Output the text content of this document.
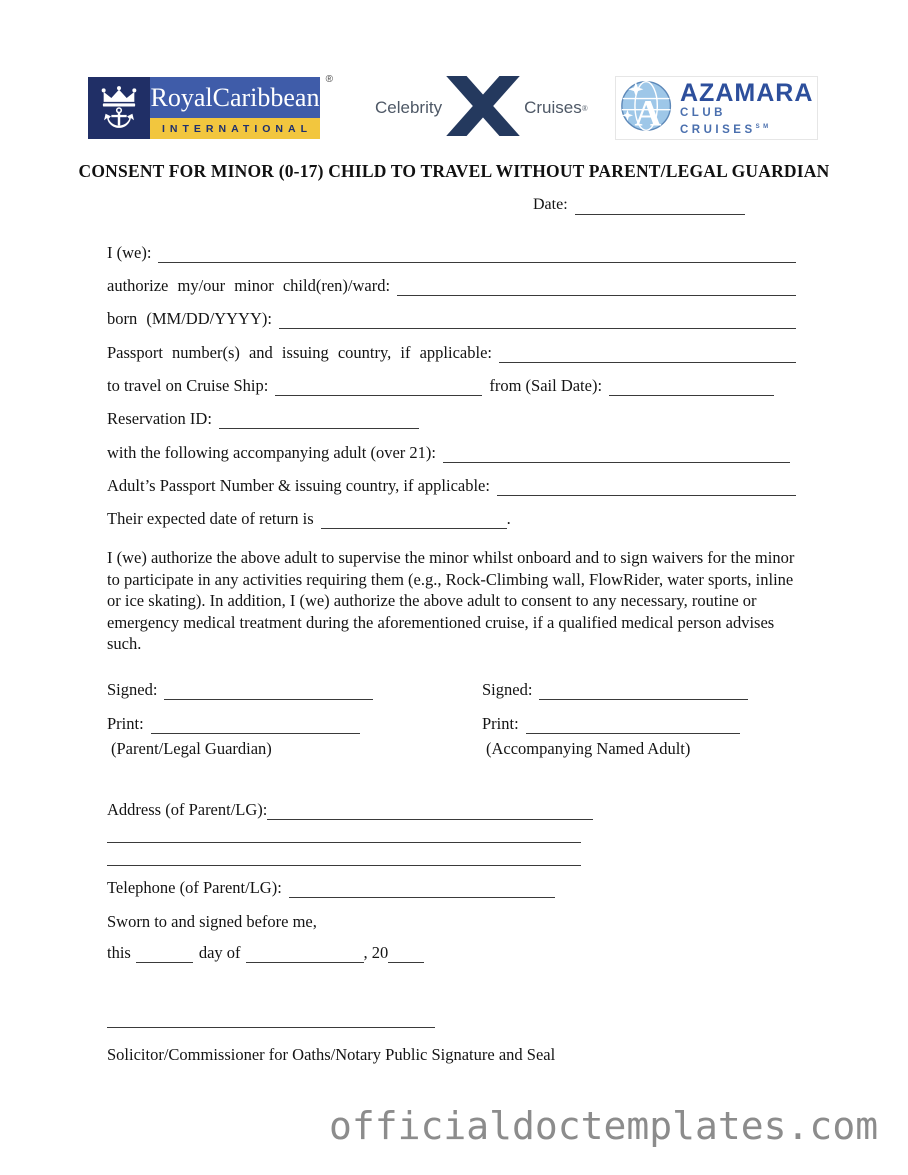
RoyalCaribbean
INTERNATIONAL
®
Celebrity	Cruises ® A
AZAMARA
CLUB CRUISES℠
CONSENT FOR MINOR (0-17) CHILD TO TRAVEL WITHOUT PARENT/LEGAL GUARDIAN
Date:
I (we):
authorize my/our minor child(ren)/ward:
born (MM/DD/YYYY):
Passport number(s) and issuing country, if applicable:
to travel on Cruise Ship:	from (Sail Date):
Reservation ID:
with the following accompanying adult (over 21):
Adult’s Passport Number & issuing country, if applicable:
Their expected date of return is	.
I (we) authorize the above adult to supervise the minor whilst onboard and to sign waivers for the minor
to participate in any activities requiring them (e.g., Rock-Climbing wall, FlowRider, water sports, inline
or ice skating). In addition, I (we) authorize the above adult to consent to any necessary, routine or
emergency medical treatment during the aforementioned cruise, if a qualified medical person advises
such.
Signed:	Signed:
Print:	Print:
(Parent/Legal Guardian)	(Accompanying Named Adult)
Address (of Parent/LG):
Telephone (of Parent/LG):
Sworn to and signed before me,
this	day of	, 20
Solicitor/Commissioner for Oaths/Notary Public Signature and Seal
officialdoctemplates.com
